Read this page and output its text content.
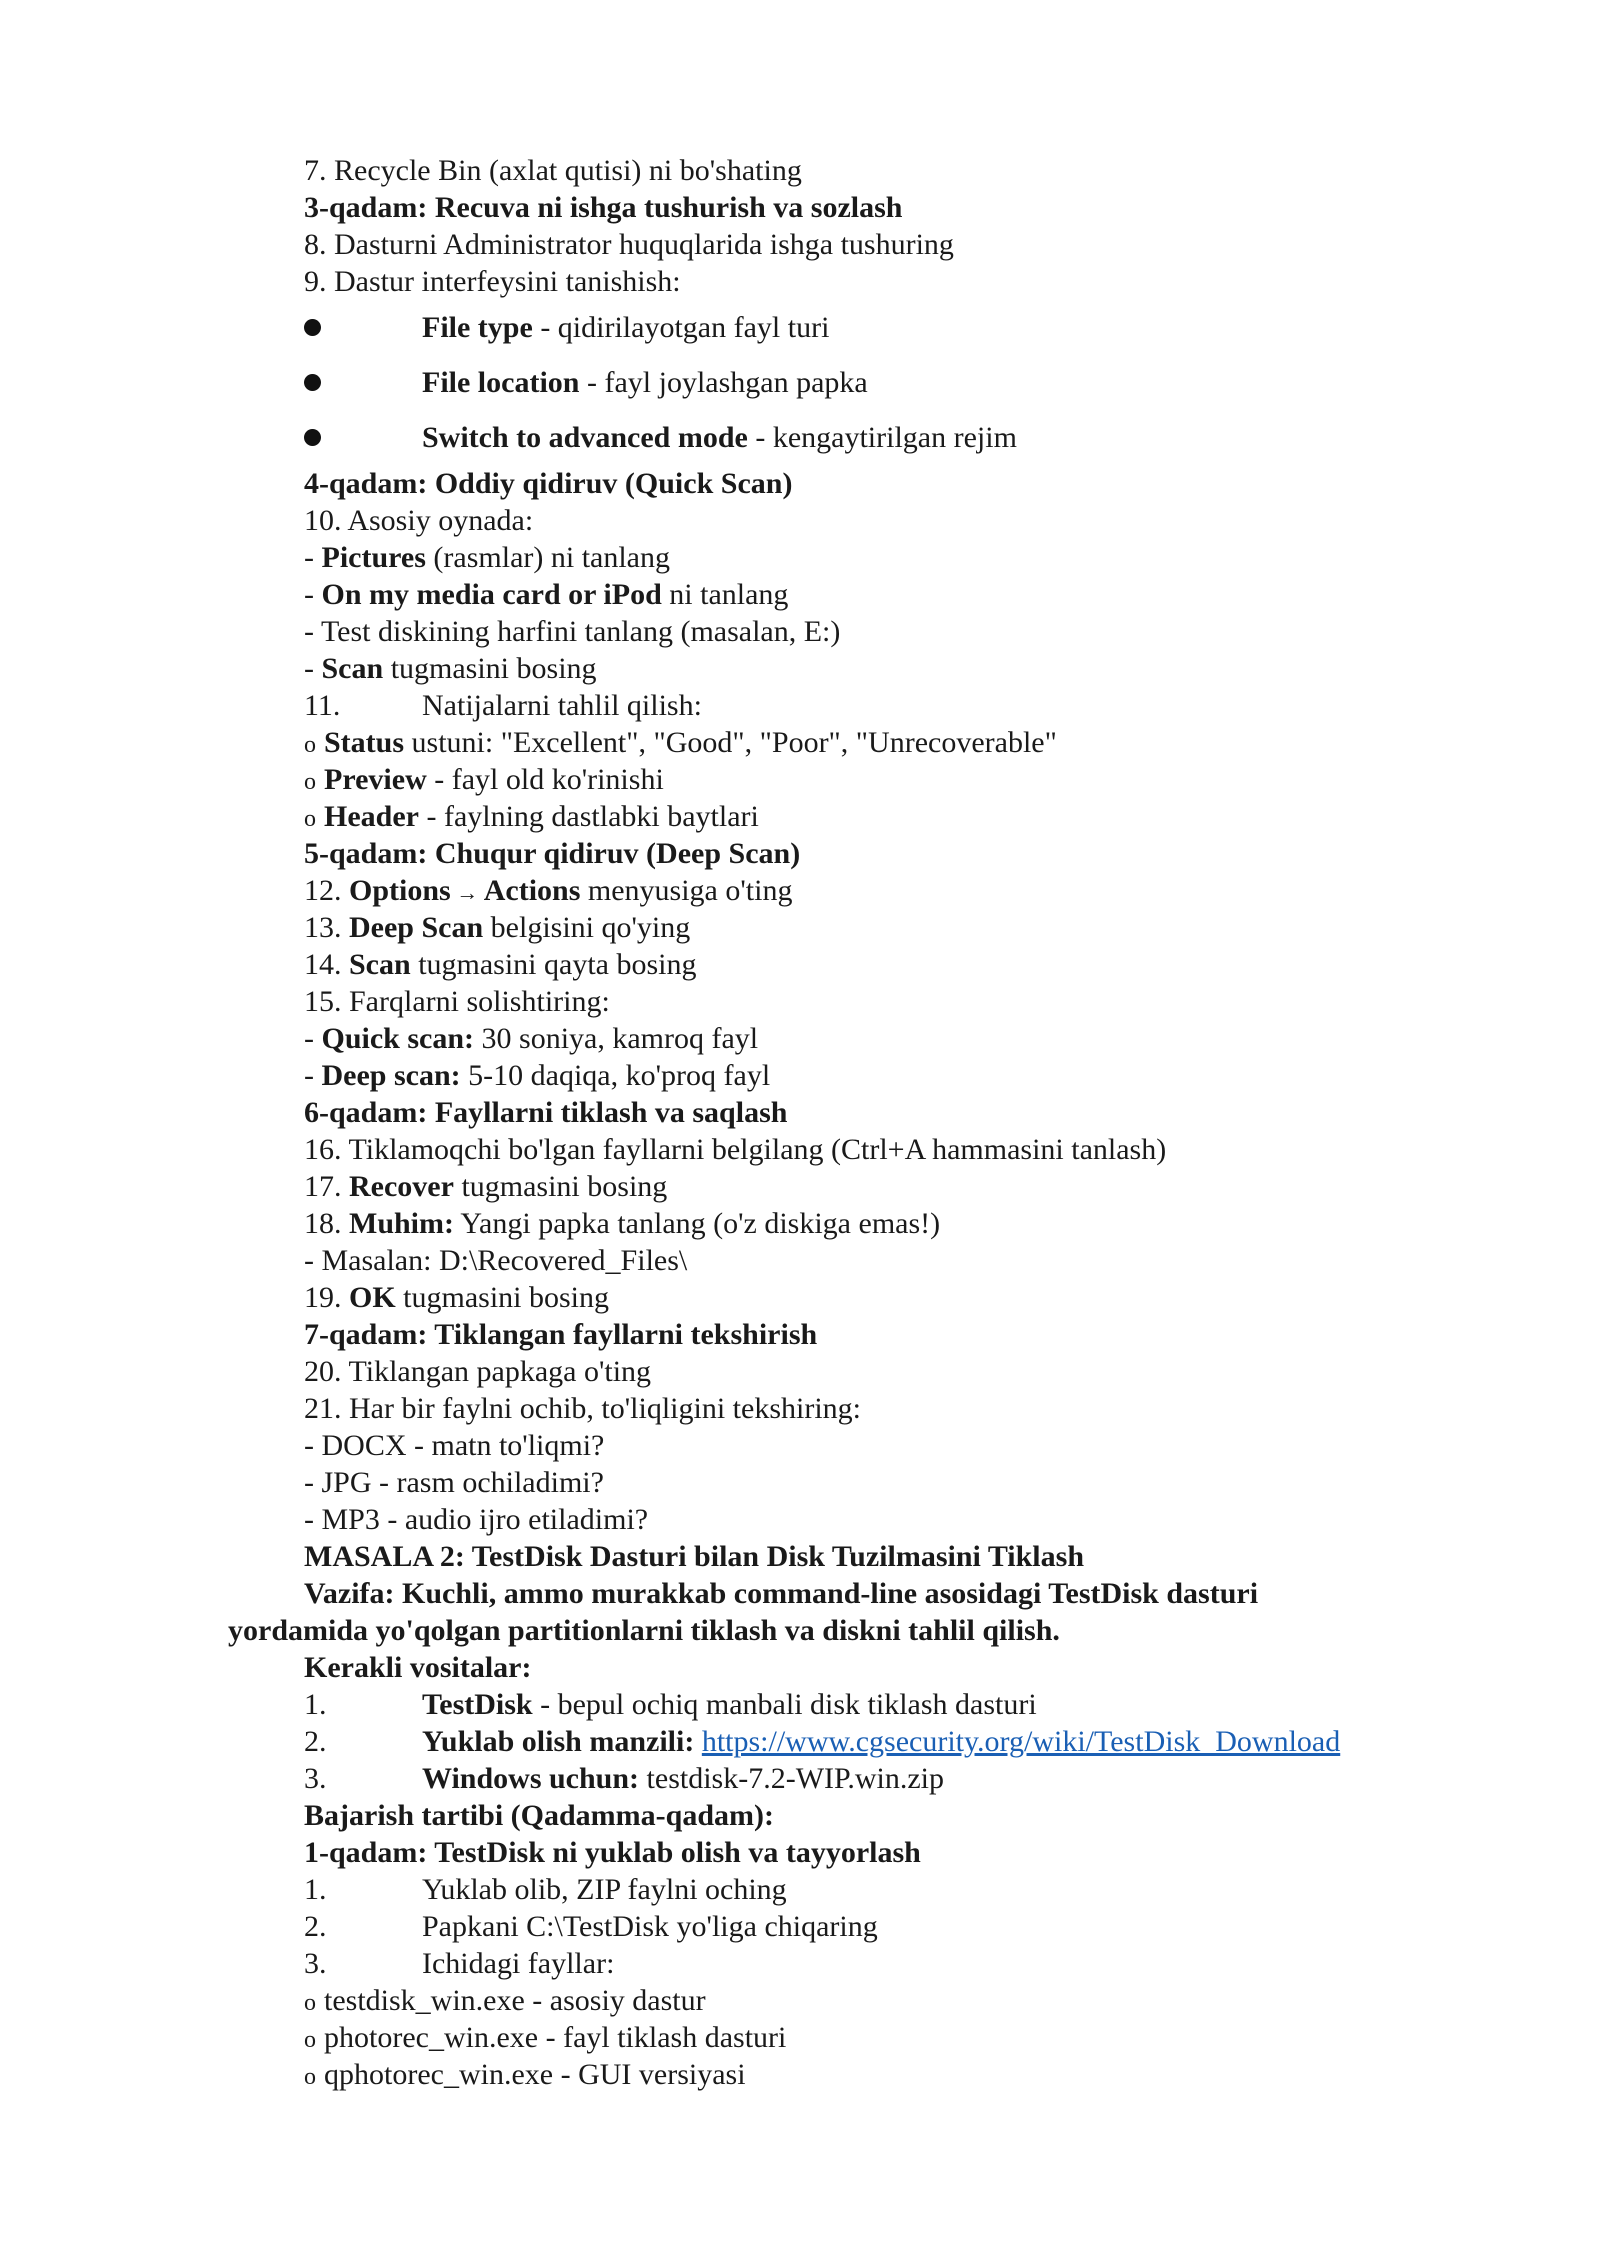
7. Recycle Bin (axlat qutisi) ni bo'shating
3-qadam: Recuva ni ishga tushurish va sozlash
8. Dasturni Administrator huquqlarida ishga tushuring
9. Dastur interfeysini tanishish:
File type - qidirilayotgan fayl turi
File location - fayl joylashgan papka
Switch to advanced mode - kengaytirilgan rejim
4-qadam: Oddiy qidiruv (Quick Scan)
10. Asosiy oynada:
- Pictures (rasmlar) ni tanlang
- On my media card or iPod ni tanlang
- Test diskining harfini tanlang (masalan, E:)
- Scan tugmasini bosing
11.	Natijalarni tahlil qilish:
o Status ustuni: "Excellent", "Good", "Poor", "Unrecoverable"
o Preview - fayl old ko'rinishi
o Header - faylning dastlabki baytlari
5-qadam: Chuqur qidiruv (Deep Scan)
12. Options → Actions menyusiga o'ting
13. Deep Scan belgisini qo'ying
14. Scan tugmasini qayta bosing
15. Farqlarni solishtiring:
- Quick scan: 30 soniya, kamroq fayl
- Deep scan: 5-10 daqiqa, ko'proq fayl
6-qadam: Fayllarni tiklash va saqlash
16. Tiklamoqchi bo'lgan fayllarni belgilang (Ctrl+A hammasini tanlash)
17. Recover tugmasini bosing
18. Muhim: Yangi papka tanlang (o'z diskiga emas!)
- Masalan: D:\Recovered_Files\
19. OK tugmasini bosing
7-qadam: Tiklangan fayllarni tekshirish
20. Tiklangan papkaga o'ting
21. Har bir faylni ochib, to'liqligini tekshiring:
- DOCX - matn to'liqmi?
- JPG - rasm ochiladimi?
- MP3 - audio ijro etiladimi?
MASALA 2: TestDisk Dasturi bilan Disk Tuzilmasini Tiklash
Vazifa: Kuchli, ammo murakkab command-line asosidagi TestDisk dasturi
yordamida yo'qolgan partitionlarni tiklash va diskni tahlil qilish.
Kerakli vositalar:
1.	TestDisk - bepul ochiq manbali disk tiklash dasturi
2.	Yuklab olish manzili: https://www.cgsecurity.org/wiki/TestDisk_Download
3.	Windows uchun: testdisk-7.2-WIP.win.zip
Bajarish tartibi (Qadamma-qadam):
1-qadam: TestDisk ni yuklab olish va tayyorlash
1.	Yuklab olib, ZIP faylni oching
2.	Papkani C:\TestDisk yo'liga chiqaring
3.	Ichidagi fayllar:
o testdisk_win.exe - asosiy dastur
o photorec_win.exe - fayl tiklash dasturi
o qphotorec_win.exe - GUI versiyasi
